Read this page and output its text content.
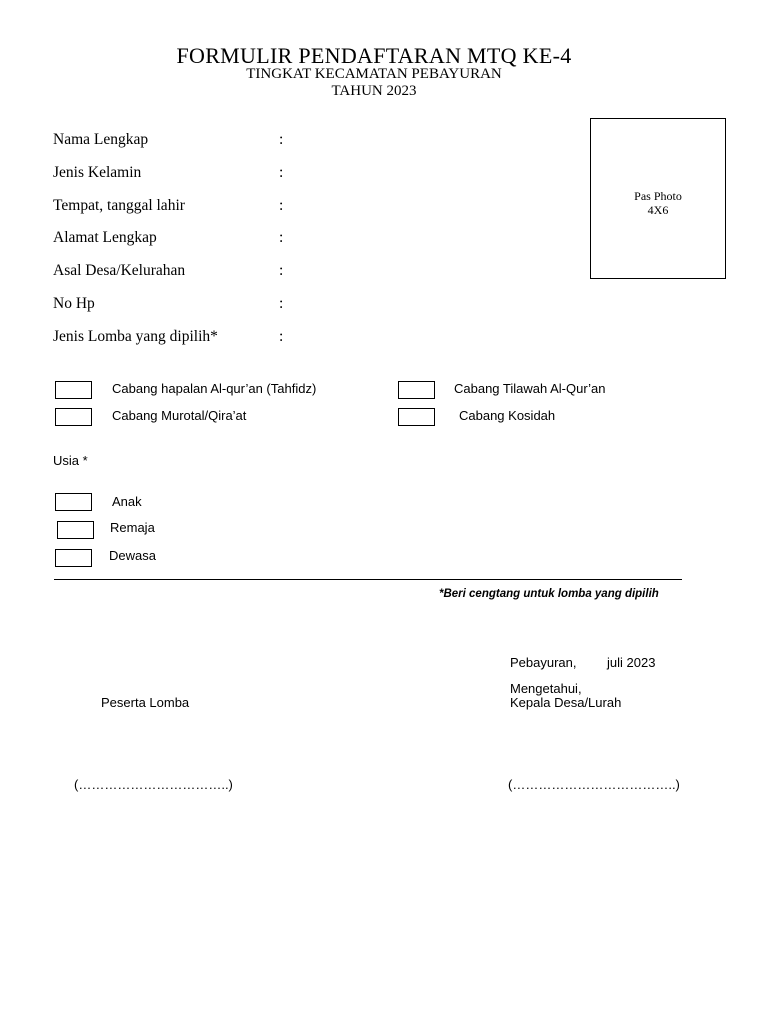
FORMULIR PENDAFTARAN MTQ KE-4
TINGKAT KECAMATAN PEBAYURAN
TAHUN 2023
Nama Lengkap	:
Jenis Kelamin	:
Tempat, tanggal lahir	:
Alamat Lengkap	:
Asal Desa/Kelurahan	:
No Hp	:
Jenis Lomba yang dipilih*	:
Pas Photo
4X6
Cabang hapalan Al-qur’an (Tahfidz)	Cabang Tilawah Al-Qur’an
Cabang Murotal/Qira’at	Cabang Kosidah
Usia *
Anak
Remaja
Dewasa
*Beri cengtang untuk lomba yang dipilih
Pebayuran, juli 2023
Mengetahui,
Kepala Desa/Lurah
Peserta Lomba
(……………………………..)	(………………………………..)
